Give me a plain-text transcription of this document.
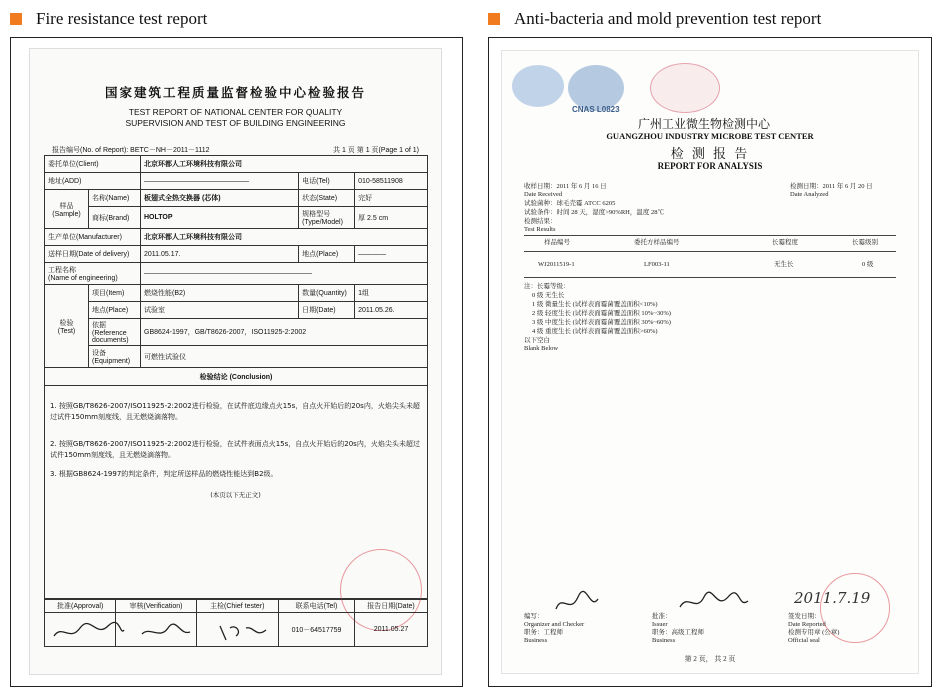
Fire resistance test report	Anti-bacteria and mold prevention test report
国家建筑工程质量监督检验中心检验报告
TEST REPORT OF NATIONAL CENTER FOR QUALITY
SUPERVISION AND TEST OF BUILDING ENGINEERING
报告编号(No. of Report): BETC－NH－2011－1112	共 1 页 第 1 页(Page 1 of 1)
委托单位(Client)		北京环都人工环境科技有限公司		
地址(ADD)		———————————————	电话(Tel)	010-58511908
样品
(Sample)	名称(Name)	板翅式全热交换器 (芯体)	状态(State)	完好
	商标(Brand)	HOLTOP	规格型号
(Type/Model)	厚 2.5 cm
生产单位(Manufacturer)		北京环都人工环境科技有限公司		
送样日期(Date of delivery)		2011.05.17.	地点(Place)	————
工程名称
(Name of engineering)		————————————————————————		
检验
(Test)	项目(Item)	燃烧性能(B2)	数量(Quantity)	1组
	地点(Place)	试验室	日期(Date)	2011.05.26.
	依据(Reference
documents)	GB8624-1997，GB/T8626-2007，ISO11925-2:2002		
	设备
(Equipment)	可燃性试验仪		
检验结论 (Conclusion)				
1. 按照GB/T8626-2007/ISO11925-2:2002进行检验，在试件底边缘点火15s，自点火开始后的20s内，火焰尖头未超过试件150mm刻度线，且无燃烧滴落物。
2. 按照GB/T8626-2007/ISO11925-2:2002进行检验，在试件表面点火15s，自点火开始后的20s内，火焰尖头未超过试件150mm刻度线，且无燃烧滴落物。
3. 根据GB8624-1997的判定条件，判定所送样品的燃烧性能达到B2级。
(本页以下无正文)
批准(Approval)	审核(Verification)	主检(Chief tester)	联系电话(Tel)	报告日期(Date)
			010－64517759	2011.05.27
CNAS L0823
广州工业微生物检测中心
GUANGZHOU INDUSTRY MICROBE TEST CENTER
检 测 报 告
REPORT FOR ANALYSIS
收样日期：2011 年 6 月 16 日
Date Received
检测日期：2011 年 6 月 20 日
Date Analyzed
试验菌种：球毛壳霉 ATCC 6205
试验条件：时间 28 天，湿度>90%RH，温度 28℃
检测结果：
Test Results
样品编号	委托方样品编号	长霉程度	长霉级别
WJ2011519-1	LF003-11	无生长	0 级
注：长霉等级：
0 级 无生长
1 级 微量生长 (试样表面霉菌覆盖面积<10%)
2 级 轻度生长 (试样表面霉菌覆盖面积 10%~30%)
3 级 中度生长 (试样表面霉菌覆盖面积 30%~60%)
4 级 重度生长 (试样表面霉菌覆盖面积>60%)
以下空白
Blank Below
2011.7.19
编写：
Organizer and Checker
职务：工程师
Business
批准：
Issuer
职务：高级工程师
Business
签发日期：
Date Reported
检测专用章 (公章)
Official seal
第 2 页， 共 2 页
